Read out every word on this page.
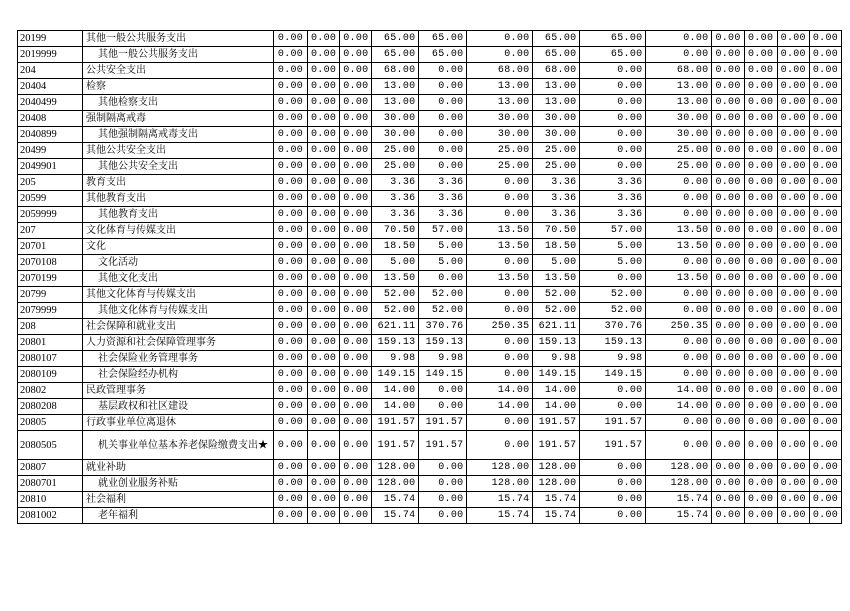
20199	其他一般公共服务支出	0.00	0.00	0.00	65.00	65.00	0.00	65.00	65.00	0.00	0.00	0.00	0.00	0.00
2019999	其他一般公共服务支出	0.00	0.00	0.00	65.00	65.00	0.00	65.00	65.00	0.00	0.00	0.00	0.00	0.00
204	公共安全支出	0.00	0.00	0.00	68.00	0.00	68.00	68.00	0.00	68.00	0.00	0.00	0.00	0.00
20404	检察	0.00	0.00	0.00	13.00	0.00	13.00	13.00	0.00	13.00	0.00	0.00	0.00	0.00
2040499	其他检察支出	0.00	0.00	0.00	13.00	0.00	13.00	13.00	0.00	13.00	0.00	0.00	0.00	0.00
20408	强制隔离戒毒	0.00	0.00	0.00	30.00	0.00	30.00	30.00	0.00	30.00	0.00	0.00	0.00	0.00
2040899	其他强制隔离戒毒支出	0.00	0.00	0.00	30.00	0.00	30.00	30.00	0.00	30.00	0.00	0.00	0.00	0.00
20499	其他公共安全支出	0.00	0.00	0.00	25.00	0.00	25.00	25.00	0.00	25.00	0.00	0.00	0.00	0.00
2049901	其他公共安全支出	0.00	0.00	0.00	25.00	0.00	25.00	25.00	0.00	25.00	0.00	0.00	0.00	0.00
205	教育支出	0.00	0.00	0.00	3.36	3.36	0.00	3.36	3.36	0.00	0.00	0.00	0.00	0.00
20599	其他教育支出	0.00	0.00	0.00	3.36	3.36	0.00	3.36	3.36	0.00	0.00	0.00	0.00	0.00
2059999	其他教育支出	0.00	0.00	0.00	3.36	3.36	0.00	3.36	3.36	0.00	0.00	0.00	0.00	0.00
207	文化体育与传媒支出	0.00	0.00	0.00	70.50	57.00	13.50	70.50	57.00	13.50	0.00	0.00	0.00	0.00
20701	文化	0.00	0.00	0.00	18.50	5.00	13.50	18.50	5.00	13.50	0.00	0.00	0.00	0.00
2070108	文化活动	0.00	0.00	0.00	5.00	5.00	0.00	5.00	5.00	0.00	0.00	0.00	0.00	0.00
2070199	其他文化支出	0.00	0.00	0.00	13.50	0.00	13.50	13.50	0.00	13.50	0.00	0.00	0.00	0.00
20799	其他文化体育与传媒支出	0.00	0.00	0.00	52.00	52.00	0.00	52.00	52.00	0.00	0.00	0.00	0.00	0.00
2079999	其他文化体育与传媒支出	0.00	0.00	0.00	52.00	52.00	0.00	52.00	52.00	0.00	0.00	0.00	0.00	0.00
208	社会保障和就业支出	0.00	0.00	0.00	621.11	370.76	250.35	621.11	370.76	250.35	0.00	0.00	0.00	0.00
20801	人力资源和社会保障管理事务	0.00	0.00	0.00	159.13	159.13	0.00	159.13	159.13	0.00	0.00	0.00	0.00	0.00
2080107	社会保险业务管理事务	0.00	0.00	0.00	9.98	9.98	0.00	9.98	9.98	0.00	0.00	0.00	0.00	0.00
2080109	社会保险经办机构	0.00	0.00	0.00	149.15	149.15	0.00	149.15	149.15	0.00	0.00	0.00	0.00	0.00
20802	民政管理事务	0.00	0.00	0.00	14.00	0.00	14.00	14.00	0.00	14.00	0.00	0.00	0.00	0.00
2080208	基层政权和社区建设	0.00	0.00	0.00	14.00	0.00	14.00	14.00	0.00	14.00	0.00	0.00	0.00	0.00
20805	行政事业单位离退休	0.00	0.00	0.00	191.57	191.57	0.00	191.57	191.57	0.00	0.00	0.00	0.00	0.00
2080505	机关事业单位基本养老保险缴费支出★	0.00	0.00	0.00	191.57	191.57	0.00	191.57	191.57	0.00	0.00	0.00	0.00	0.00
20807	就业补助	0.00	0.00	0.00	128.00	0.00	128.00	128.00	0.00	128.00	0.00	0.00	0.00	0.00
2080701	就业创业服务补贴	0.00	0.00	0.00	128.00	0.00	128.00	128.00	0.00	128.00	0.00	0.00	0.00	0.00
20810	社会福利	0.00	0.00	0.00	15.74	0.00	15.74	15.74	0.00	15.74	0.00	0.00	0.00	0.00
2081002	老年福利	0.00	0.00	0.00	15.74	0.00	15.74	15.74	0.00	15.74	0.00	0.00	0.00	0.00
